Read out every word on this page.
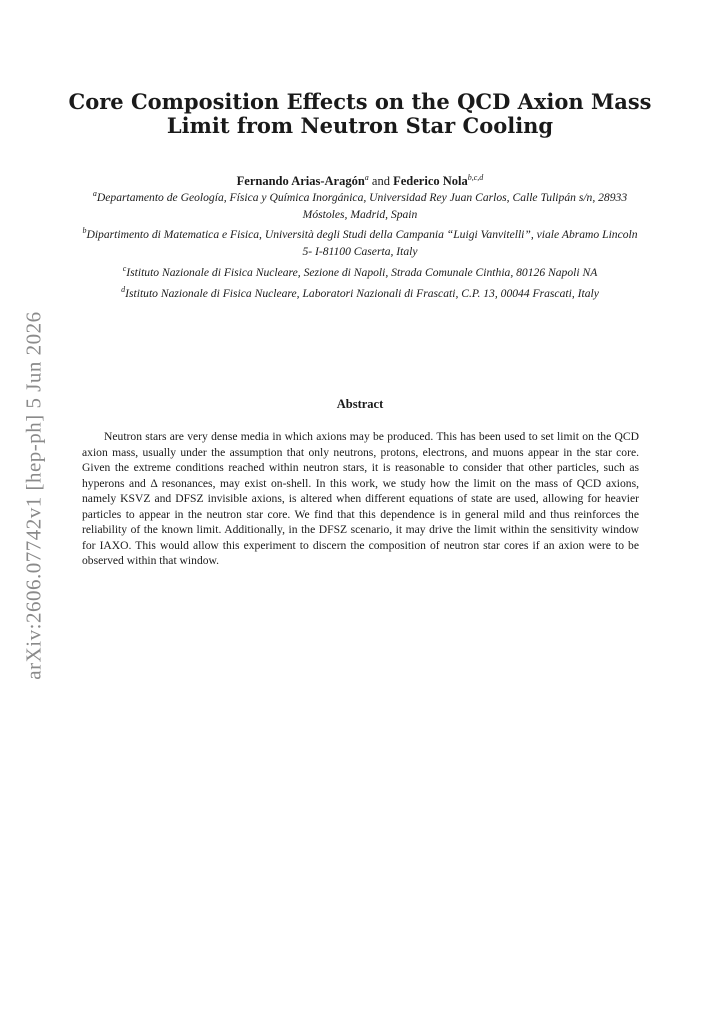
arXiv:2606.07742v1 [hep-ph] 5 Jun 2026
Core Composition Effects on the QCD Axion Mass Limit from Neutron Star Cooling
Fernando Arias-Aragón$^a$ and Federico Nola$^{b,c,d}$

$^a$Departamento de Geología, Física y Química Inorgánica, Universidad Rey Juan Carlos, Calle Tulipán s/n, 28933 Móstoles, Madrid, Spain

$^b$Dipartimento di Matematica e Fisica, Università degli Studi della Campania “Luigi Vanvitelli”, viale Abramo Lincoln 5- I-81100 Caserta, Italy

$^c$Istituto Nazionale di Fisica Nucleare, Sezione di Napoli, Strada Comunale Cinthia, 80126 Napoli NA

$^d$Istituto Nazionale di Fisica Nucleare, Laboratori Nazionali di Frascati, C.P. 13, 00044 Frascati, Italy

Abstract

Neutron stars are very dense media in which axions may be produced. This has been used to set limit on the QCD axion mass, usually under the assumption that only neutrons, protons, electrons, and muons appear in the star core. Given the extreme conditions reached within neutron stars, it is reasonable to consider that other particles, such as hyperons and Δ resonances, may exist on-shell. In this work, we study how the limit on the mass of QCD axions, namely KSVZ and DFSZ invisible axions, is altered when different equations of state are used, allowing for heavier particles to appear in the neutron star core. We find that this dependence is in general mild and thus reinforces the reliability of the known limit. Additionally, in the DFSZ scenario, it may drive the limit within the sensitivity window for IAXO. This would allow this experiment to discern the composition of neutron star cores if an axion were to be observed within that window.
